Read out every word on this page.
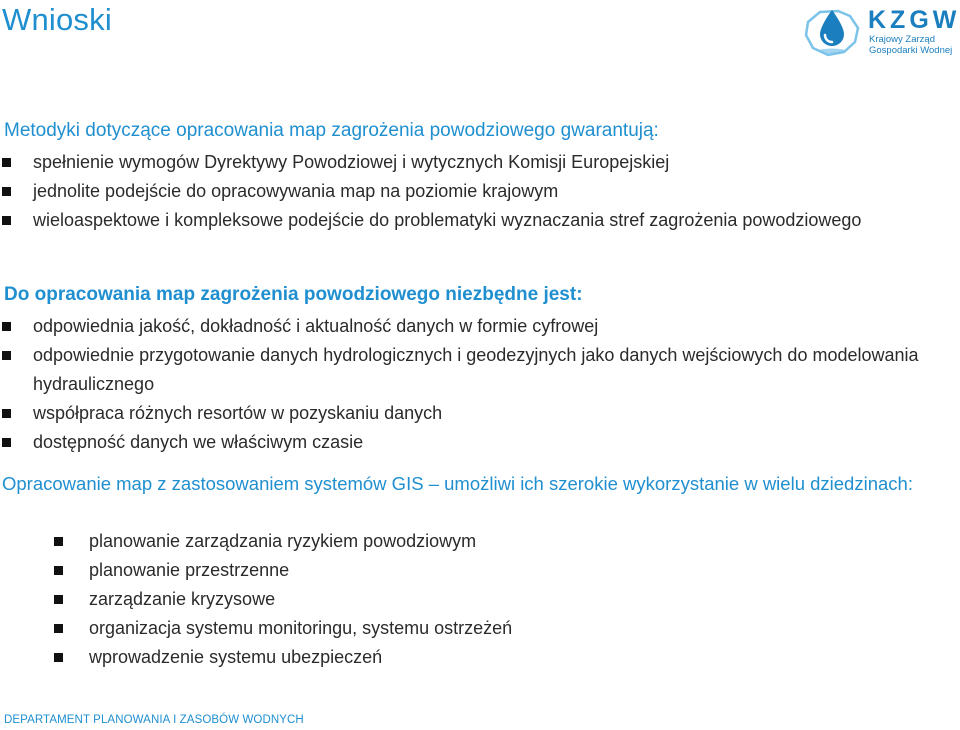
Wnioski	KZGW
Krajowy Zarząd
Gospodarki Wodnej
Metodyki dotyczące opracowania map zagrożenia powodziowego gwarantują:
spełnienie wymogów Dyrektywy Powodziowej i wytycznych Komisji Europejskiej
jednolite podejście do opracowywania map na poziomie krajowym
wieloaspektowe i kompleksowe podejście do problematyki wyznaczania stref zagrożenia powodziowego
Do opracowania map zagrożenia powodziowego niezbędne jest:
odpowiednia jakość, dokładność i aktualność danych w formie cyfrowej
odpowiednie przygotowanie danych hydrologicznych i geodezyjnych jako danych wejściowych do modelowania hydraulicznego
współpraca różnych resortów w pozyskaniu danych
dostępność danych we właściwym czasie
Opracowanie map z zastosowaniem systemów GIS – umożliwi ich szerokie wykorzystanie w wielu dziedzinach:
planowanie zarządzania ryzykiem powodziowym
planowanie przestrzenne
zarządzanie kryzysowe
organizacja systemu monitoringu, systemu ostrzeżeń
wprowadzenie systemu ubezpieczeń
DEPARTAMENT PLANOWANIA I ZASOBÓW WODNYCH
